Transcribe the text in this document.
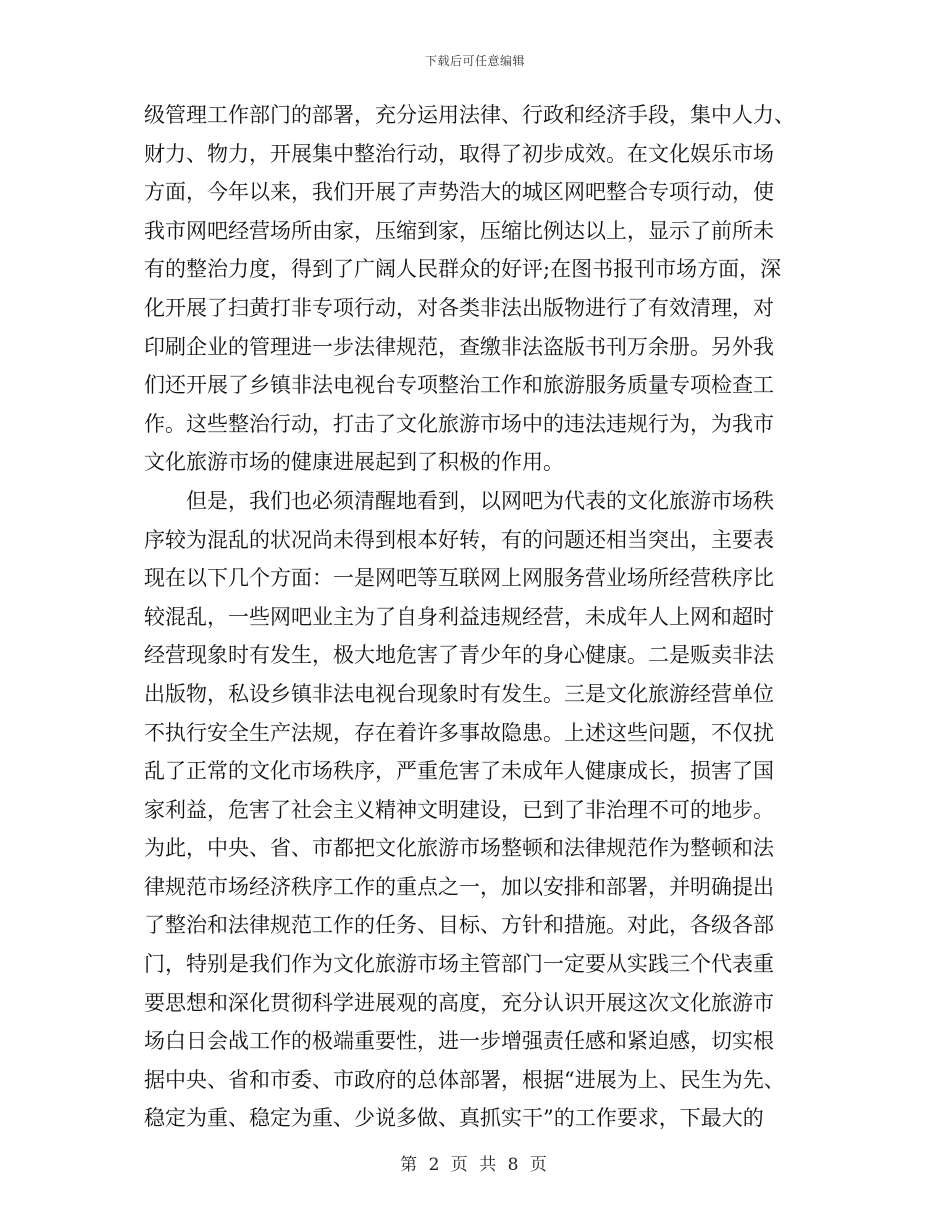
下载后可任意编辑
级管理工作部门的部署，充分运用法律、行政和经济手段，集中人力、
财力、物力，开展集中整治行动，取得了初步成效。在文化娱乐市场
方面，今年以来，我们开展了声势浩大的城区网吧整合专项行动，使
我市网吧经营场所由家，压缩到家，压缩比例达以上，显示了前所未
有的整治力度，得到了广阔人民群众的好评;在图书报刊市场方面，深
化开展了扫黄打非专项行动，对各类非法出版物进行了有效清理，对
印刷企业的管理进一步法律规范，查缴非法盗版书刊万余册。另外我
们还开展了乡镇非法电视台专项整治工作和旅游服务质量专项检查工
作。这些整治行动，打击了文化旅游市场中的违法违规行为，为我市
文化旅游市场的健康进展起到了积极的作用。
但是，我们也必须清醒地看到，以网吧为代表的文化旅游市场秩
序较为混乱的状况尚未得到根本好转，有的问题还相当突出，主要表
现在以下几个方面：一是网吧等互联网上网服务营业场所经营秩序比
较混乱，一些网吧业主为了自身利益违规经营，未成年人上网和超时
经营现象时有发生，极大地危害了青少年的身心健康。二是贩卖非法
出版物，私设乡镇非法电视台现象时有发生。三是文化旅游经营单位
不执行安全生产法规，存在着许多事故隐患。上述这些问题，不仅扰
乱了正常的文化市场秩序，严重危害了未成年人健康成长，损害了国
家利益，危害了社会主义精神文明建设，已到了非治理不可的地步。
为此，中央、省、市都把文化旅游市场整顿和法律规范作为整顿和法
律规范市场经济秩序工作的重点之一，加以安排和部署，并明确提出
了整治和法律规范工作的任务、目标、方针和措施。对此，各级各部
门，特别是我们作为文化旅游市场主管部门一定要从实践三个代表重
要思想和深化贯彻科学进展观的高度，充分认识开展这次文化旅游市
场白日会战工作的极端重要性，进一步增强责任感和紧迫感，切实根
据中央、省和市委、市政府的总体部署，根据“进展为上、民生为先、
稳定为重、稳定为重、少说多做、真抓实干”的工作要求，下最大的
第 2 页 共 8 页
